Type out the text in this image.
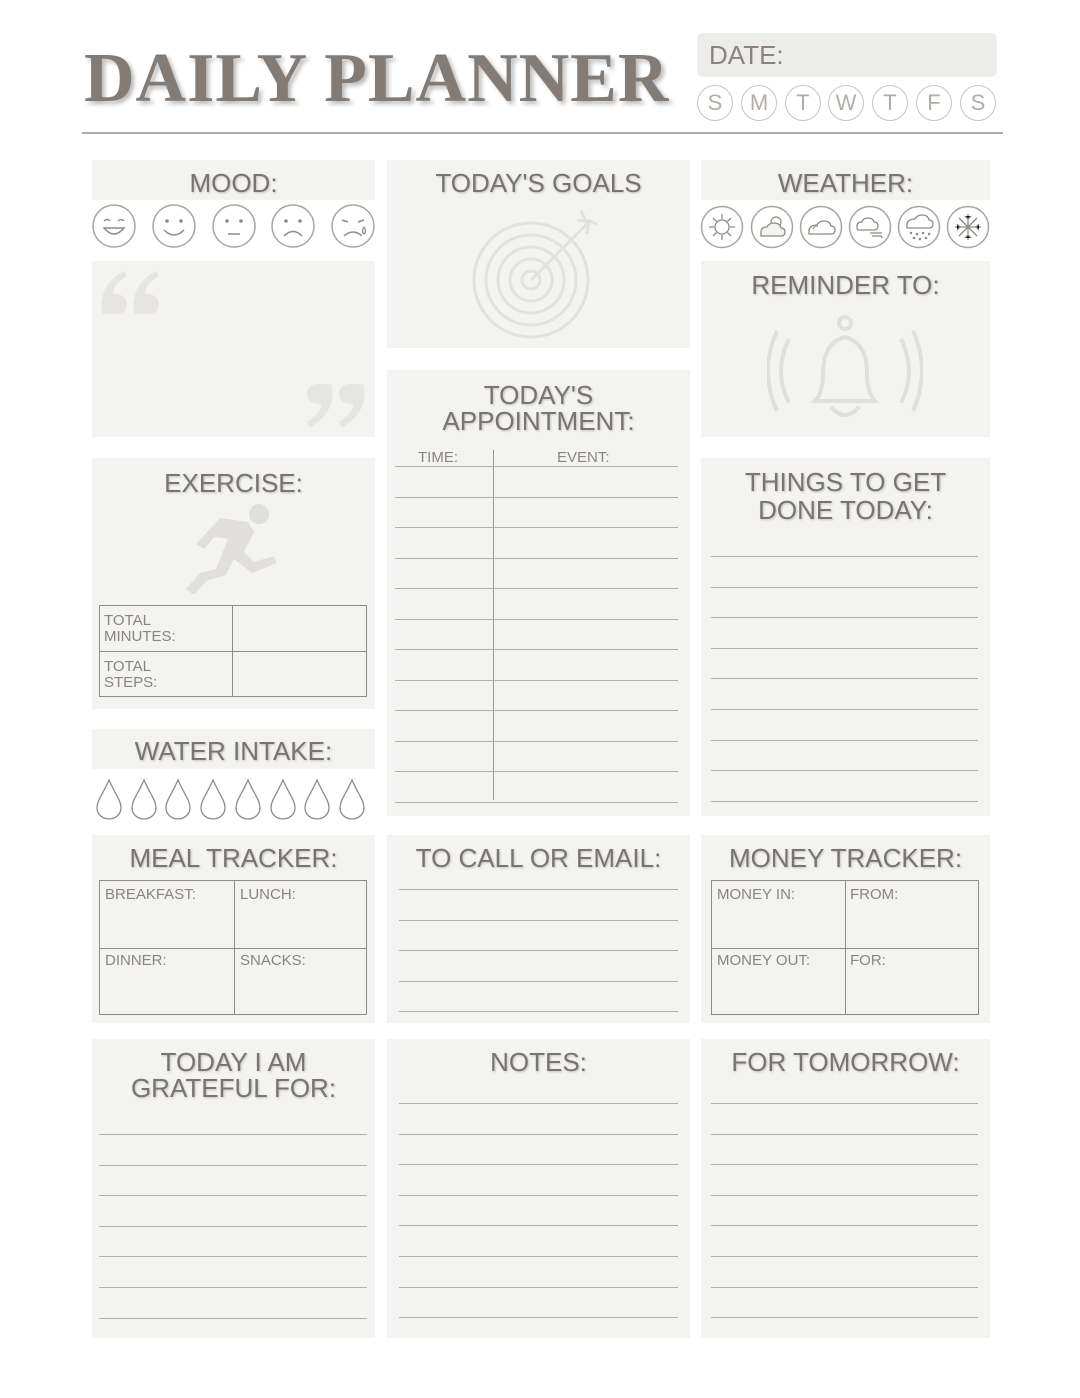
DAILY PLANNER	DATE:
S	M	T	W	T	F	S
MOOD:	TODAY'S GOALS	WEATHER:
REMINDER TO:
TODAY'S
APPOINTMENT:
TIME:	EVENT:
EXERCISE:
TOTAL
MINUTES:
TOTAL
STEPS:
THINGS TO GET
DONE TODAY:
WATER INTAKE:
MEAL TRACKER:
BREAKFAST:	LUNCH:
DINNER:	SNACKS:
TO CALL OR EMAIL:	MONEY TRACKER:
MONEY IN:	FROM:
MONEY OUT:	FOR:
TODAY I AM
GRATEFUL FOR:
NOTES:	FOR TOMORROW:
